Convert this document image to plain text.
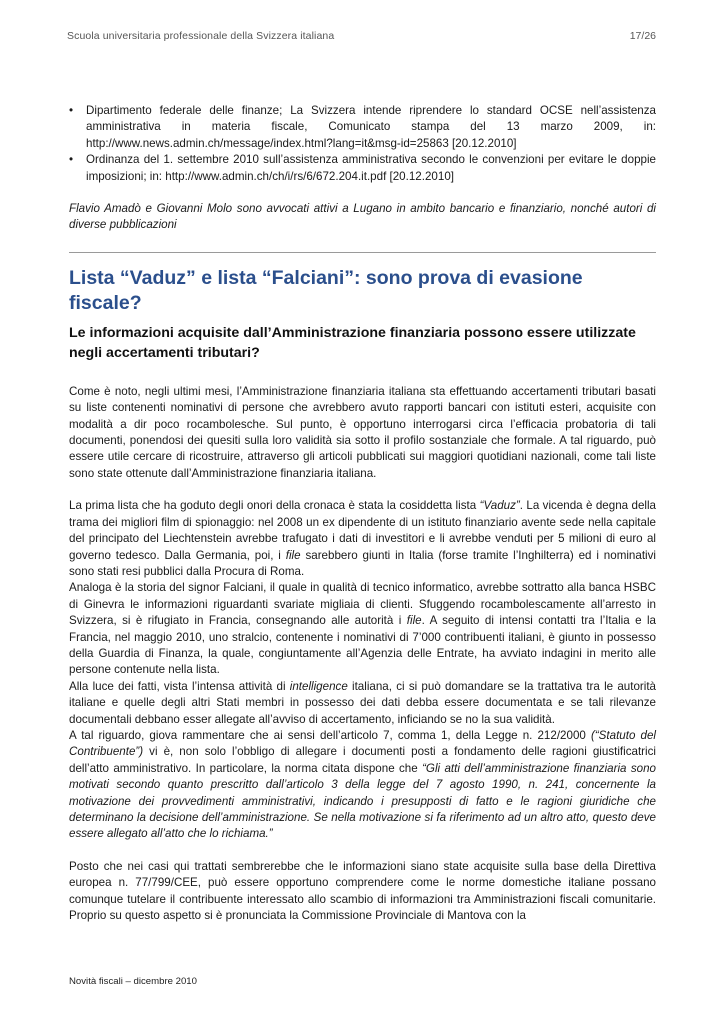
Scuola universitaria professionale della Svizzera italiana	17/26
• Dipartimento federale delle finanze; La Svizzera intende riprendere lo standard OCSE nell’assistenza amministrativa in materia fiscale, Comunicato stampa del 13 marzo 2009, in: http://www.news.admin.ch/message/index.html?lang=it&msg-id=25863 [20.12.2010]
• Ordinanza del 1. settembre 2010 sull’assistenza amministrativa secondo le convenzioni per evitare le doppie imposizioni; in: http://www.admin.ch/ch/i/rs/6/672.204.it.pdf [20.12.2010]
Flavio Amadò e Giovanni Molo sono avvocati attivi a Lugano in ambito bancario e finanziario, nonché autori di diverse pubblicazioni
Lista “Vaduz” e lista “Falciani”: sono prova di evasione fiscale?
Le informazioni acquisite dall’Amministrazione finanziaria possono essere utilizzate negli accertamenti tributari?

Come è noto, negli ultimi mesi, l’Amministrazione finanziaria italiana sta effettuando accertamenti tributari basati su liste contenenti nominativi di persone che avrebbero avuto rapporti bancari con istituti esteri, acquisite con modalità a dir poco rocambolesche. Sul punto, è opportuno interrogarsi circa l’efficacia probatoria di tali documenti, ponendosi dei quesiti sulla loro validità sia sotto il profilo sostanziale che formale. A tal riguardo, può essere utile cercare di ricostruire, attraverso gli articoli pubblicati sui maggiori quotidiani nazionali, come tali liste sono state ottenute dall’Amministrazione finanziaria italiana.

La prima lista che ha goduto degli onori della cronaca è stata la cosiddetta lista “Vaduz”. La vicenda è degna della trama dei migliori film di spionaggio: nel 2008 un ex dipendente di un istituto finanziario avente sede nella capitale del principato del Liechtenstein avrebbe trafugato i dati di investitori e li avrebbe venduti per 5 milioni di euro al governo tedesco. Dalla Germania, poi, i file sarebbero giunti in Italia (forse tramite l’Inghilterra) ed i nominativi sono stati resi pubblici dalla Procura di Roma.

Analoga è la storia del signor Falciani, il quale in qualità di tecnico informatico, avrebbe sottratto alla banca HSBC di Ginevra le informazioni riguardanti svariate migliaia di clienti. Sfuggendo rocambolescamente all’arresto in Svizzera, si è rifugiato in Francia, consegnando alle autorità i file. A seguito di intensi contatti tra l’Italia e la Francia, nel maggio 2010, uno stralcio, contenente i nominativi di 7’000 contribuenti italiani, è giunto in possesso della Guardia di Finanza, la quale, congiuntamente all’Agenzia delle Entrate, ha avviato indagini in merito alle persone contenute nella lista.

Alla luce dei fatti, vista l’intensa attività di intelligence italiana, ci si può domandare se la trattativa tra le autorità italiane e quelle degli altri Stati membri in possesso dei dati debba essere documentata e se tali rilevanze documentali debbano esser allegate all’avviso di accertamento, inficiando se no la sua validità.

A tal riguardo, giova rammentare che ai sensi dell’articolo 7, comma 1, della Legge n. 212/2000 (“Statuto del Contribuente”) vi è, non solo l’obbligo di allegare i documenti posti a fondamento delle ragioni giustificatrici dell’atto amministrativo. In particolare, la norma citata dispone che “Gli atti dell’amministrazione finanziaria sono motivati secondo quanto prescritto dall’articolo 3 della legge del 7 agosto 1990, n. 241, concernente la motivazione dei provvedimenti amministrativi, indicando i presupposti di fatto e le ragioni giuridiche che determinano la decisione dell’amministrazione. Se nella motivazione si fa riferimento ad un altro atto, questo deve essere allegato all’atto che lo richiama.”

Posto che nei casi qui trattati sembrerebbe che le informazioni siano state acquisite sulla base della Direttiva europea n. 77/799/CEE, può essere opportuno comprendere come le norme domestiche italiane possano comunque tutelare il contribuente interessato allo scambio di informazioni tra Amministrazioni fiscali comunitarie. Proprio su questo aspetto si è pronunciata la Commissione Provinciale di Mantova con la

Novità fiscali – dicembre 2010
